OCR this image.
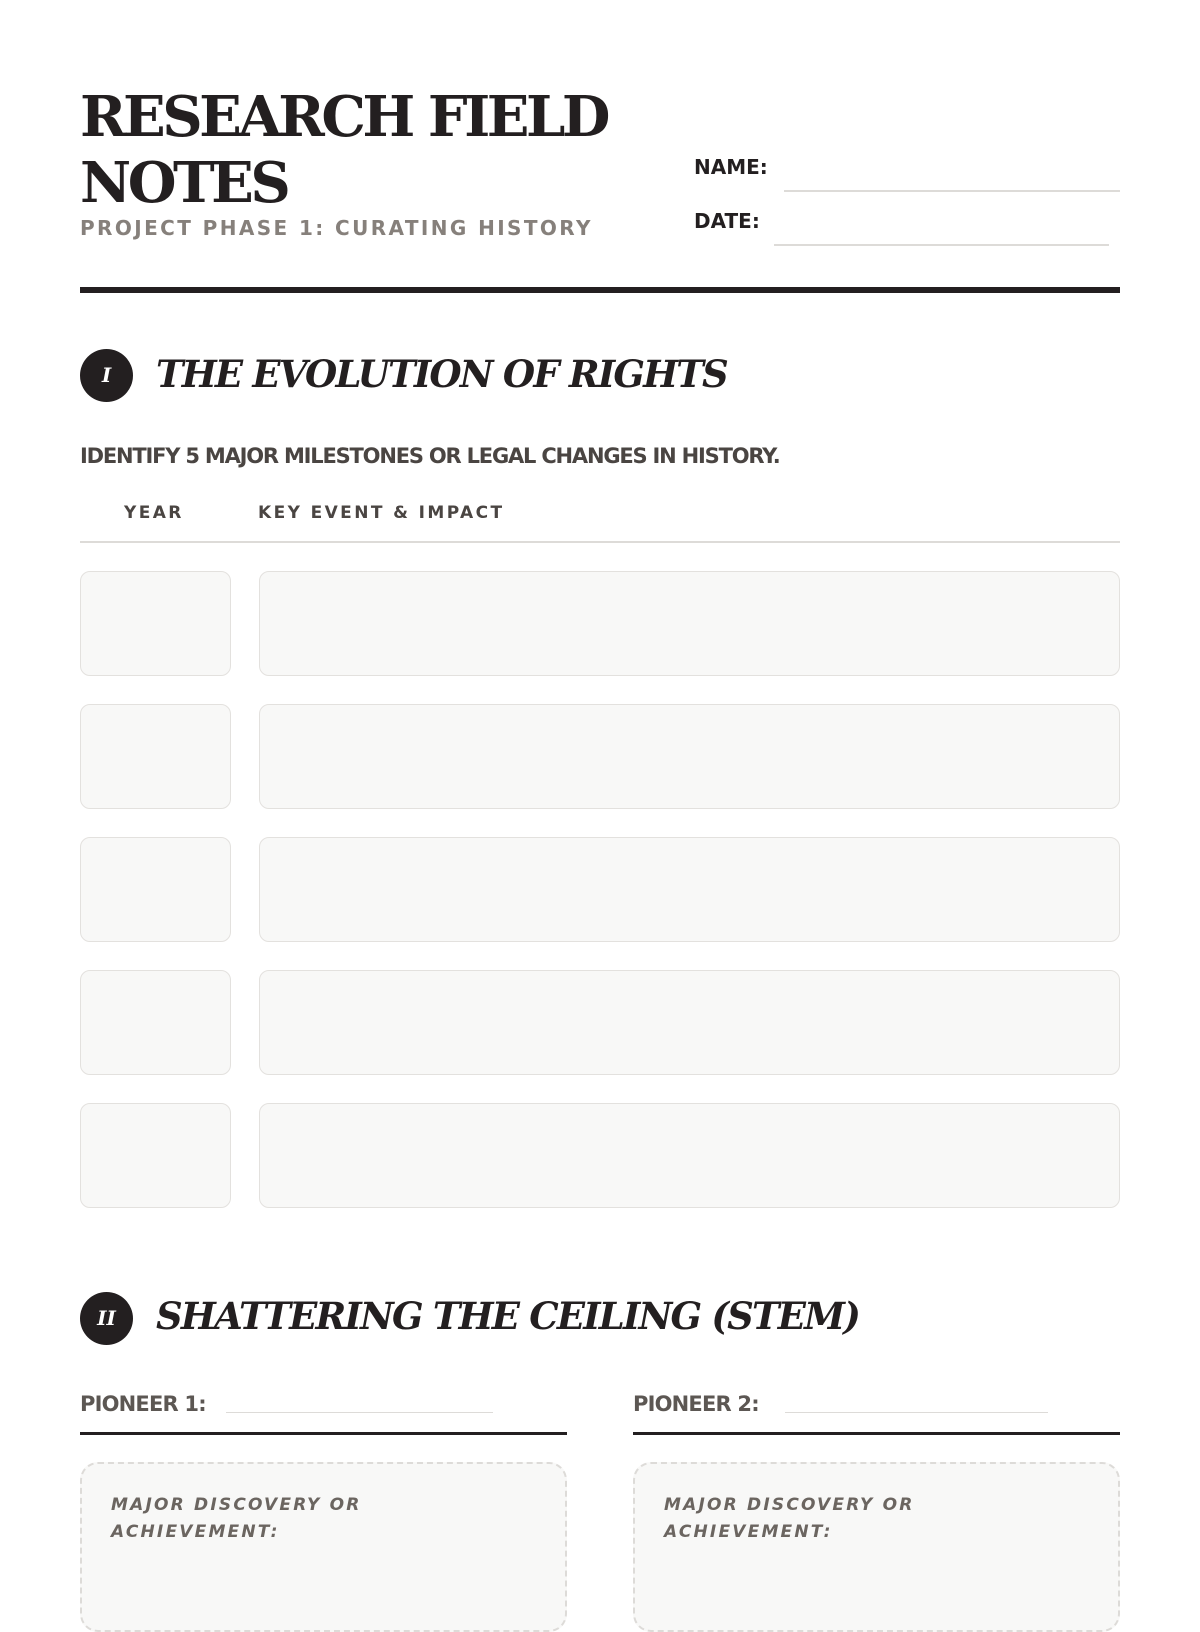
RESEARCH FIELD NOTES
PROJECT PHASE 1: CURATING HISTORY
NAME:
DATE:
I	THE EVOLUTION OF RIGHTS
IDENTIFY 5 MAJOR MILESTONES OR LEGAL CHANGES IN HISTORY.
YEAR	KEY EVENT & IMPACT
II	SHATTERING THE CEILING (STEM)
PIONEER 1:
MAJOR DISCOVERY OR ACHIEVEMENT:
PIONEER 2:
MAJOR DISCOVERY OR ACHIEVEMENT:
